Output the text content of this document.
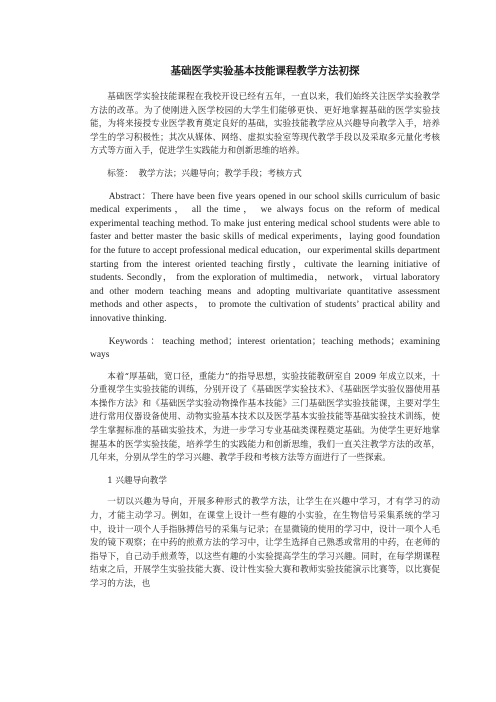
基础医学实验基本技能课程教学方法初探

基础医学实验技能课程在我校开设已经有五年，一直以来，我们始终关注医学实验教学方法的改革。为了使刚进入医学校园的大学生们能够更快、更好地掌握基础的医学实验技能，为将来接授专业医学教育奠定良好的基础，实验技能教学应从兴趣导向教学入手，培养学生的学习积极性；其次从媒体、网络、虚拟实验室等现代教学手段以及采取多元量化考核方式等方面入手，促进学生实践能力和创新思维的培养。

标签： 教学方法；兴趣导向；教学手段；考核方式

Abstract：There have been five years opened in our school skills curriculum of basic medical experiments， all the time， we always focus on the reform of medical experimental teaching method. To make just entering medical school students were able to faster and better master the basic skills of medical experiments，laying good foundation for the future to accept professional medical education，our experimental skills department starting from the interest oriented teaching firstly，cultivate the learning initiative of students. Secondly， from the exploration of multimedia， network， virtual laboratory and other modern teaching means and adopting multivariate quantitative assessment methods and other aspects， to promote the cultivation of students’ practical ability and innovative thinking.

Keywords：teaching method；interest orientation；teaching methods；examining ways

本着“厚基础，宽口径，重能力”的指导思想，实验技能教研室自 2009 年成立以来，十分重视学生实验技能的训练，分别开设了《基础医学实验技术》、《基础医学实验仪器使用基本操作方法》和《基础医学实验动物操作基本技能》三门基础医学实验技能课，主要对学生进行常用仪器设备使用、动物实验基本技术以及医学基本实验技能等基础实验技术训练，使学生掌握标准的基础实验技术，为进一步学习专业基础类课程奠定基础。为使学生更好地掌握基本的医学实验技能，培养学生的实践能力和创新思维，我们一直关注教学方法的改革，几年来，分别从学生的学习兴趣、教学手段和考核方法等方面进行了一些探索。

1 兴趣导向教学

一切以兴趣为导向，开展多种形式的教学方法，让学生在兴趣中学习，才有学习的动力，才能主动学习。例如，在课堂上设计一些有趣的小实验，在生物信号采集系统的学习中，设计一项个人手指脉搏信号的采集与记录；在显微镜的使用的学习中，设计一项个人毛发的镜下观察；在中药的煎煮方法的学习中，让学生选择自己熟悉或常用的中药，在老师的指导下，自己动手煎煮等，以这些有趣的小实验提高学生的学习兴趣。同时，在每学期课程结束之后，开展学生实验技能大赛、设计性实验大赛和教师实验技能演示比赛等，以比赛促学习的方法，也
